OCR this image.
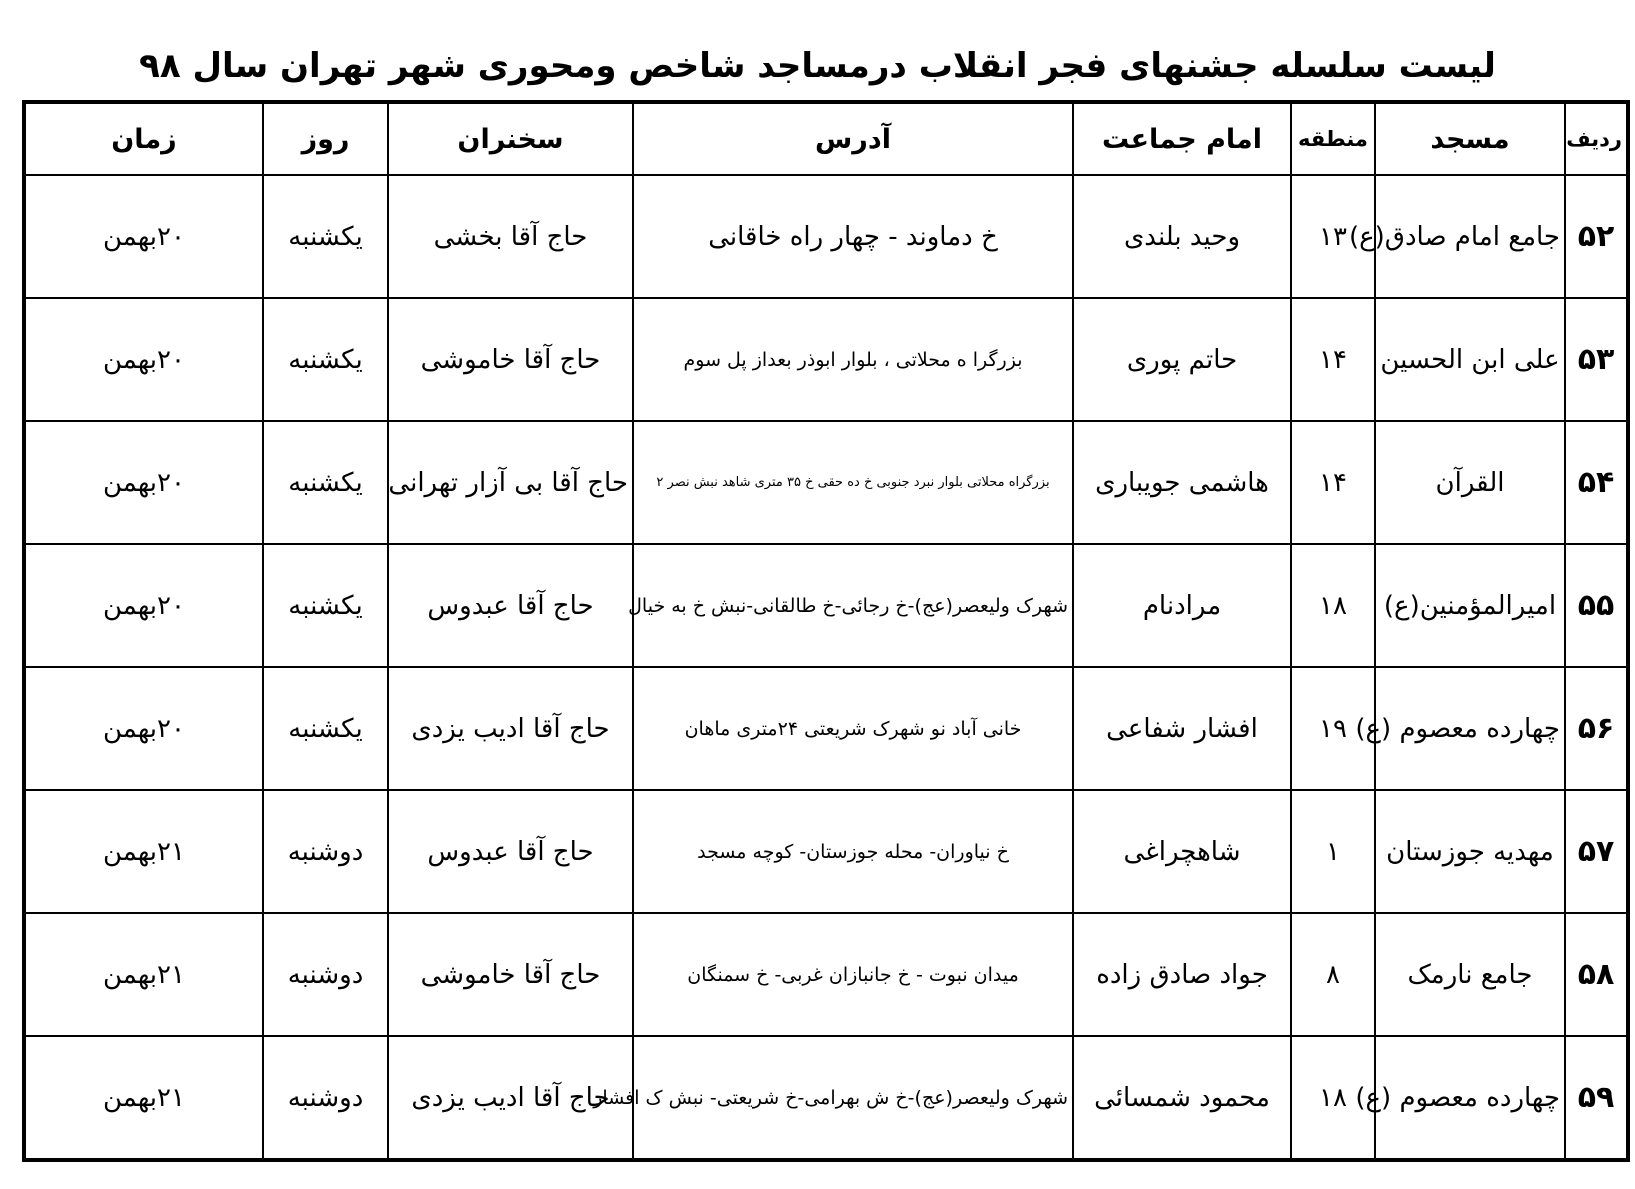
لیست سلسله جشنهای فجر انقلاب درمساجد شاخص ومحوری شهر تهران سال ۹۸
ردیف	مسجد	منطقه	امام جماعت	آدرس	سخنران	روز	زمان
۵۲	جامع امام صادق(ع)	۱۳	وحید بلندی	خ دماوند - چهار راه خاقانی	حاج آقا بخشی	یکشنبه	۲۰بهمن
۵۳	علی ابن الحسین	۱۴	حاتم پوری	بزرگرا ه محلاتی ، بلوار ابوذر بعداز پل سوم	حاج آقا خاموشی	یکشنبه	۲۰بهمن
۵۴	القرآن	۱۴	هاشمی جویباری	بزرگراه محلاتی بلوار نبرد جنوبی خ ده حقی خ ۳۵ متری شاهد نبش نصر ۲	حاج آقا بی آزار تهرانی	یکشنبه	۲۰بهمن
۵۵	امیرالمؤمنین(ع)	۱۸	مرادنام	شهرک ولیعصر(عج)-خ رجائی-خ طالقانی-نبش خ به خیال	حاج آقا عبدوس	یکشنبه	۲۰بهمن
۵۶	چهارده معصوم (ع)	۱۹	افشار شفاعی	خانی آباد نو شهرک شریعتی ۲۴متری ماهان	حاج آقا ادیب یزدی	یکشنبه	۲۰بهمن
۵۷	مهدیه جوزستان	۱	شاهچراغی	خ نیاوران- محله جوزستان- کوچه مسجد	حاج آقا عبدوس	دوشنبه	۲۱بهمن
۵۸	جامع نارمک	۸	جواد صادق زاده	میدان نبوت - خ جانبازان غربی- خ سمنگان	حاج آقا خاموشی	دوشنبه	۲۱بهمن
۵۹	چهارده معصوم (ع)	۱۸	محمود شمسائی	شهرک ولیعصر(عج)-خ ش بهرامی-خ شریعتی- نبش ک افشار	حاج آقا ادیب یزدی	دوشنبه	۲۱بهمن
